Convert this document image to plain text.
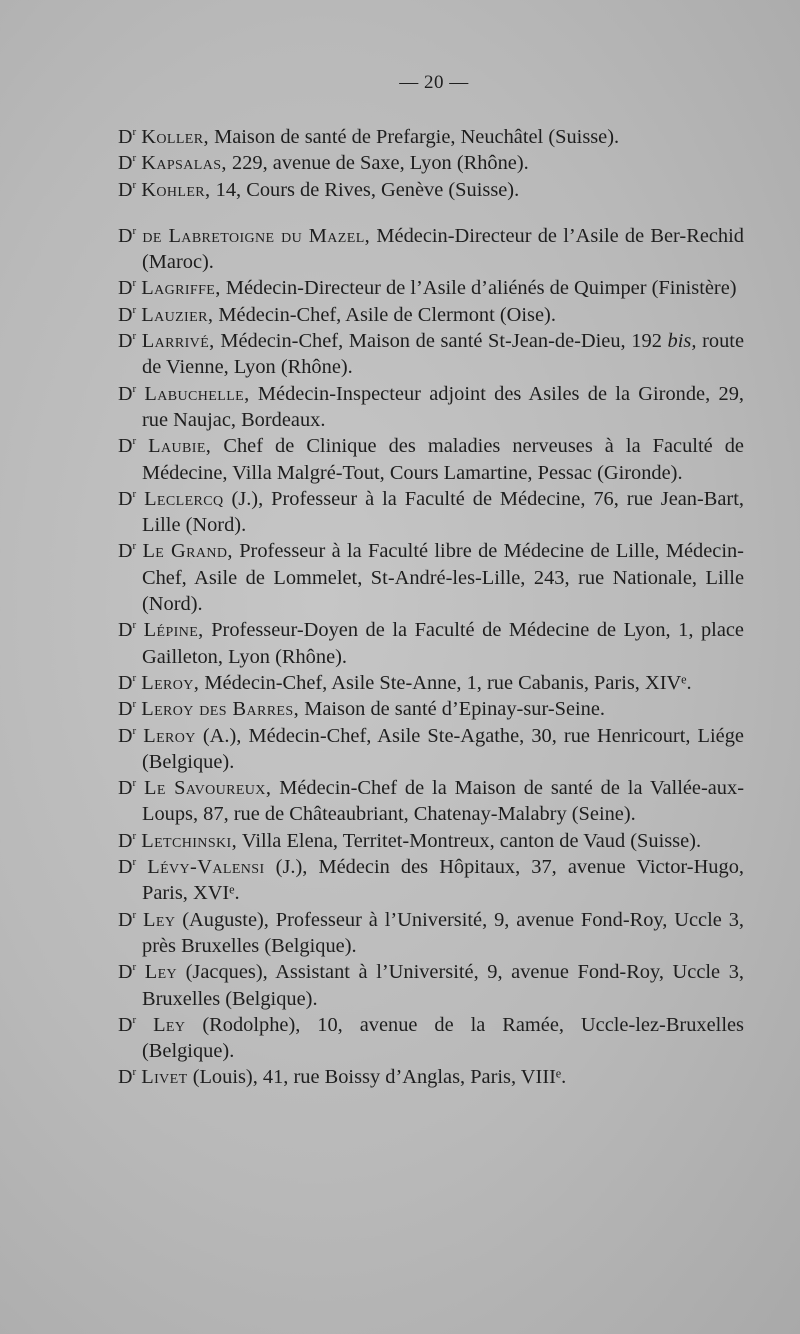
— 20 —

$D^r$ Koller, Maison de santé de Prefargie, Neuchâtel (Suisse).

$D^r$ Kapsalas, 229, avenue de Saxe, Lyon (Rhône).

$D^r$ Kohler, 14, Cours de Rives, Genève (Suisse).

$D^r$ de Labretoigne du Mazel, Médecin-Directeur de l’Asile de Ber-Rechid (Maroc).

$D^r$ Lagriffe, Médecin-Directeur de l’Asile d’aliénés de Quimper (Finistère)

$D^r$ Lauzier, Médecin-Chef, Asile de Clermont (Oise).

$D^r$ Larrivé, Médecin-Chef, Maison de santé St-Jean-de-Dieu, 192 bis, route de Vienne, Lyon (Rhône).

$D^r$ Labuchelle, Médecin-Inspecteur adjoint des Asiles de la Gironde, 29, rue Naujac, Bordeaux.

$D^r$ Laubie, Chef de Clinique des maladies nerveuses à la Faculté de Médecine, Villa Malgré-Tout, Cours Lamartine, Pessac (Gironde).

$D^r$ Leclercq (J.), Professeur à la Faculté de Médecine, 76, rue Jean-Bart, Lille (Nord).

$D^r$ Le Grand, Professeur à la Faculté libre de Médecine de Lille, Médecin-Chef, Asile de Lommelet, St-André-les-Lille, 243, rue Nationale, Lille (Nord).

$D^r$ Lépine, Professeur-Doyen de la Faculté de Médecine de Lyon, 1, place Gailleton, Lyon (Rhône).

$D^r$ Leroy, Médecin-Chef, Asile Ste-Anne, 1, rue Cabanis, Paris, XIVᵉ.

$D^r$ Leroy des Barres, Maison de santé d’Epinay-sur-Seine.

$D^r$ Leroy (A.), Médecin-Chef, Asile Ste-Agathe, 30, rue Henricourt, Liége (Belgique).

$D^r$ Le Savoureux, Médecin-Chef de la Maison de santé de la Vallée-aux-Loups, 87, rue de Châteaubriant, Chatenay-Malabry (Seine).

$D^r$ Letchinski, Villa Elena, Territet-Montreux, canton de Vaud (Suisse).

$D^r$ Lévy-Valensi (J.), Médecin des Hôpitaux, 37, avenue Victor-Hugo, Paris, XVIᵉ.

$D^r$ Ley (Auguste), Professeur à l’Université, 9, avenue Fond-Roy, Uccle 3, près Bruxelles (Belgique).

$D^r$ Ley (Jacques), Assistant à l’Université, 9, avenue Fond-Roy, Uccle 3, Bruxelles (Belgique).

$D^r$ Ley (Rodolphe), 10, avenue de la Ramée, Uccle-lez-Bruxelles (Belgique).

$D^r$ Livet (Louis), 41, rue Boissy d’Anglas, Paris, VIIIᵉ.
